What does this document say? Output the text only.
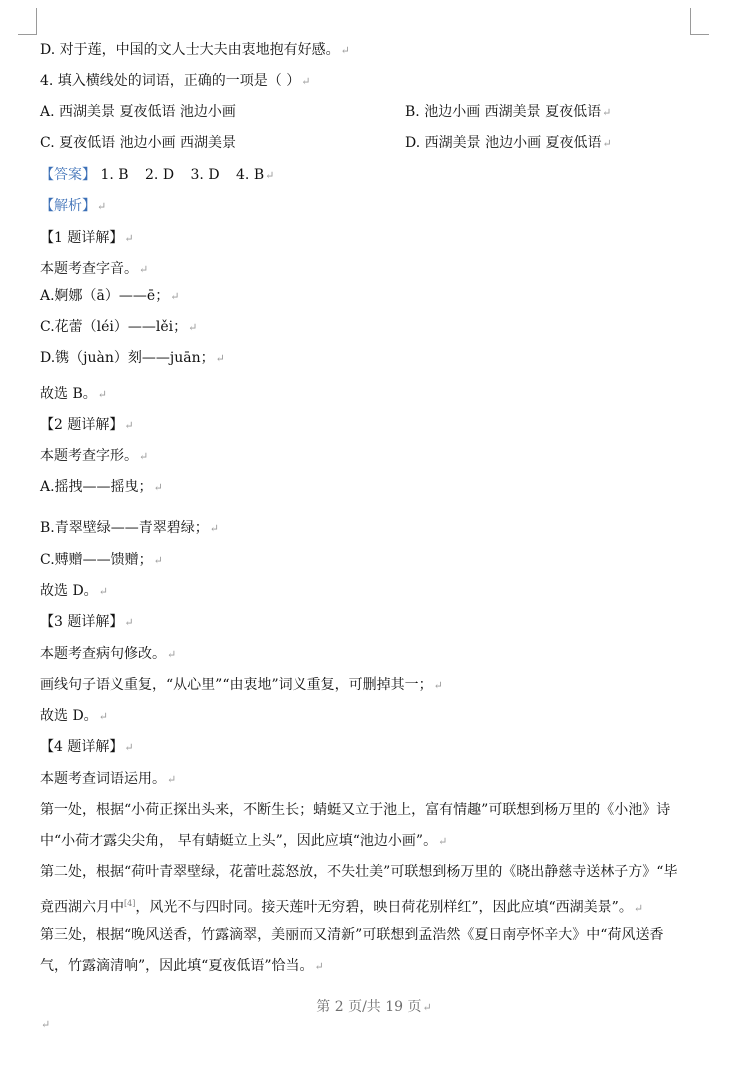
D. 对于莲，中国的文人士大夫由衷地抱有好感。↵
4. 填入横线处的词语，正确的一项是（ ）↵
A. 西湖美景 夏夜低语 池边小画	B. 池边小画 西湖美景 夏夜低语↵
C. 夏夜低语 池边小画 西湖美景	D. 西湖美景 池边小画 夏夜低语↵
【答案】 1. B 2. D 3. D 4. B↵
【解析】↵
【1 题详解】↵
本题考查字音。↵
A.婀娜（ā）——ē；↵
C.花蕾（léi）——lěi；↵
D.镌（juàn）刻——juān；↵
故选 B。↵
【2 题详解】↵
本题考查字形。↵
A.摇拽——摇曳；↵
B.青翠壁绿——青翠碧绿；↵
C.赙赠——馈赠；↵
故选 D。↵
【3 题详解】↵
本题考查病句修改。↵
画线句子语义重复，“从心里”“由衷地”词义重复，可删掉其一；↵
故选 D。↵
【4 题详解】↵
本题考查词语运用。↵
第一处，根据“小荷正探出头来，不断生长；蜻蜓又立于池上，富有情趣”可联想到杨万里的《小池》诗
中“小荷才露尖尖角， 早有蜻蜓立上头”，因此应填“池边小画”。↵
第二处，根据“荷叶青翠壁绿，花蕾吐蕊怒放，不失壮美”可联想到杨万里的《晓出静慈寺送林子方》“毕
竟西湖六月中[4]，风光不与四时同。接天莲叶无穷碧，映日荷花别样红”，因此应填“西湖美景”。↵
第三处，根据“晚风送香，竹露滴翠，美丽而又清新”可联想到孟浩然《夏日南亭怀辛大》中“荷风送香
气，竹露滴清响”，因此填“夏夜低语”恰当。↵
第 2 页/共 19 页↵
↵
